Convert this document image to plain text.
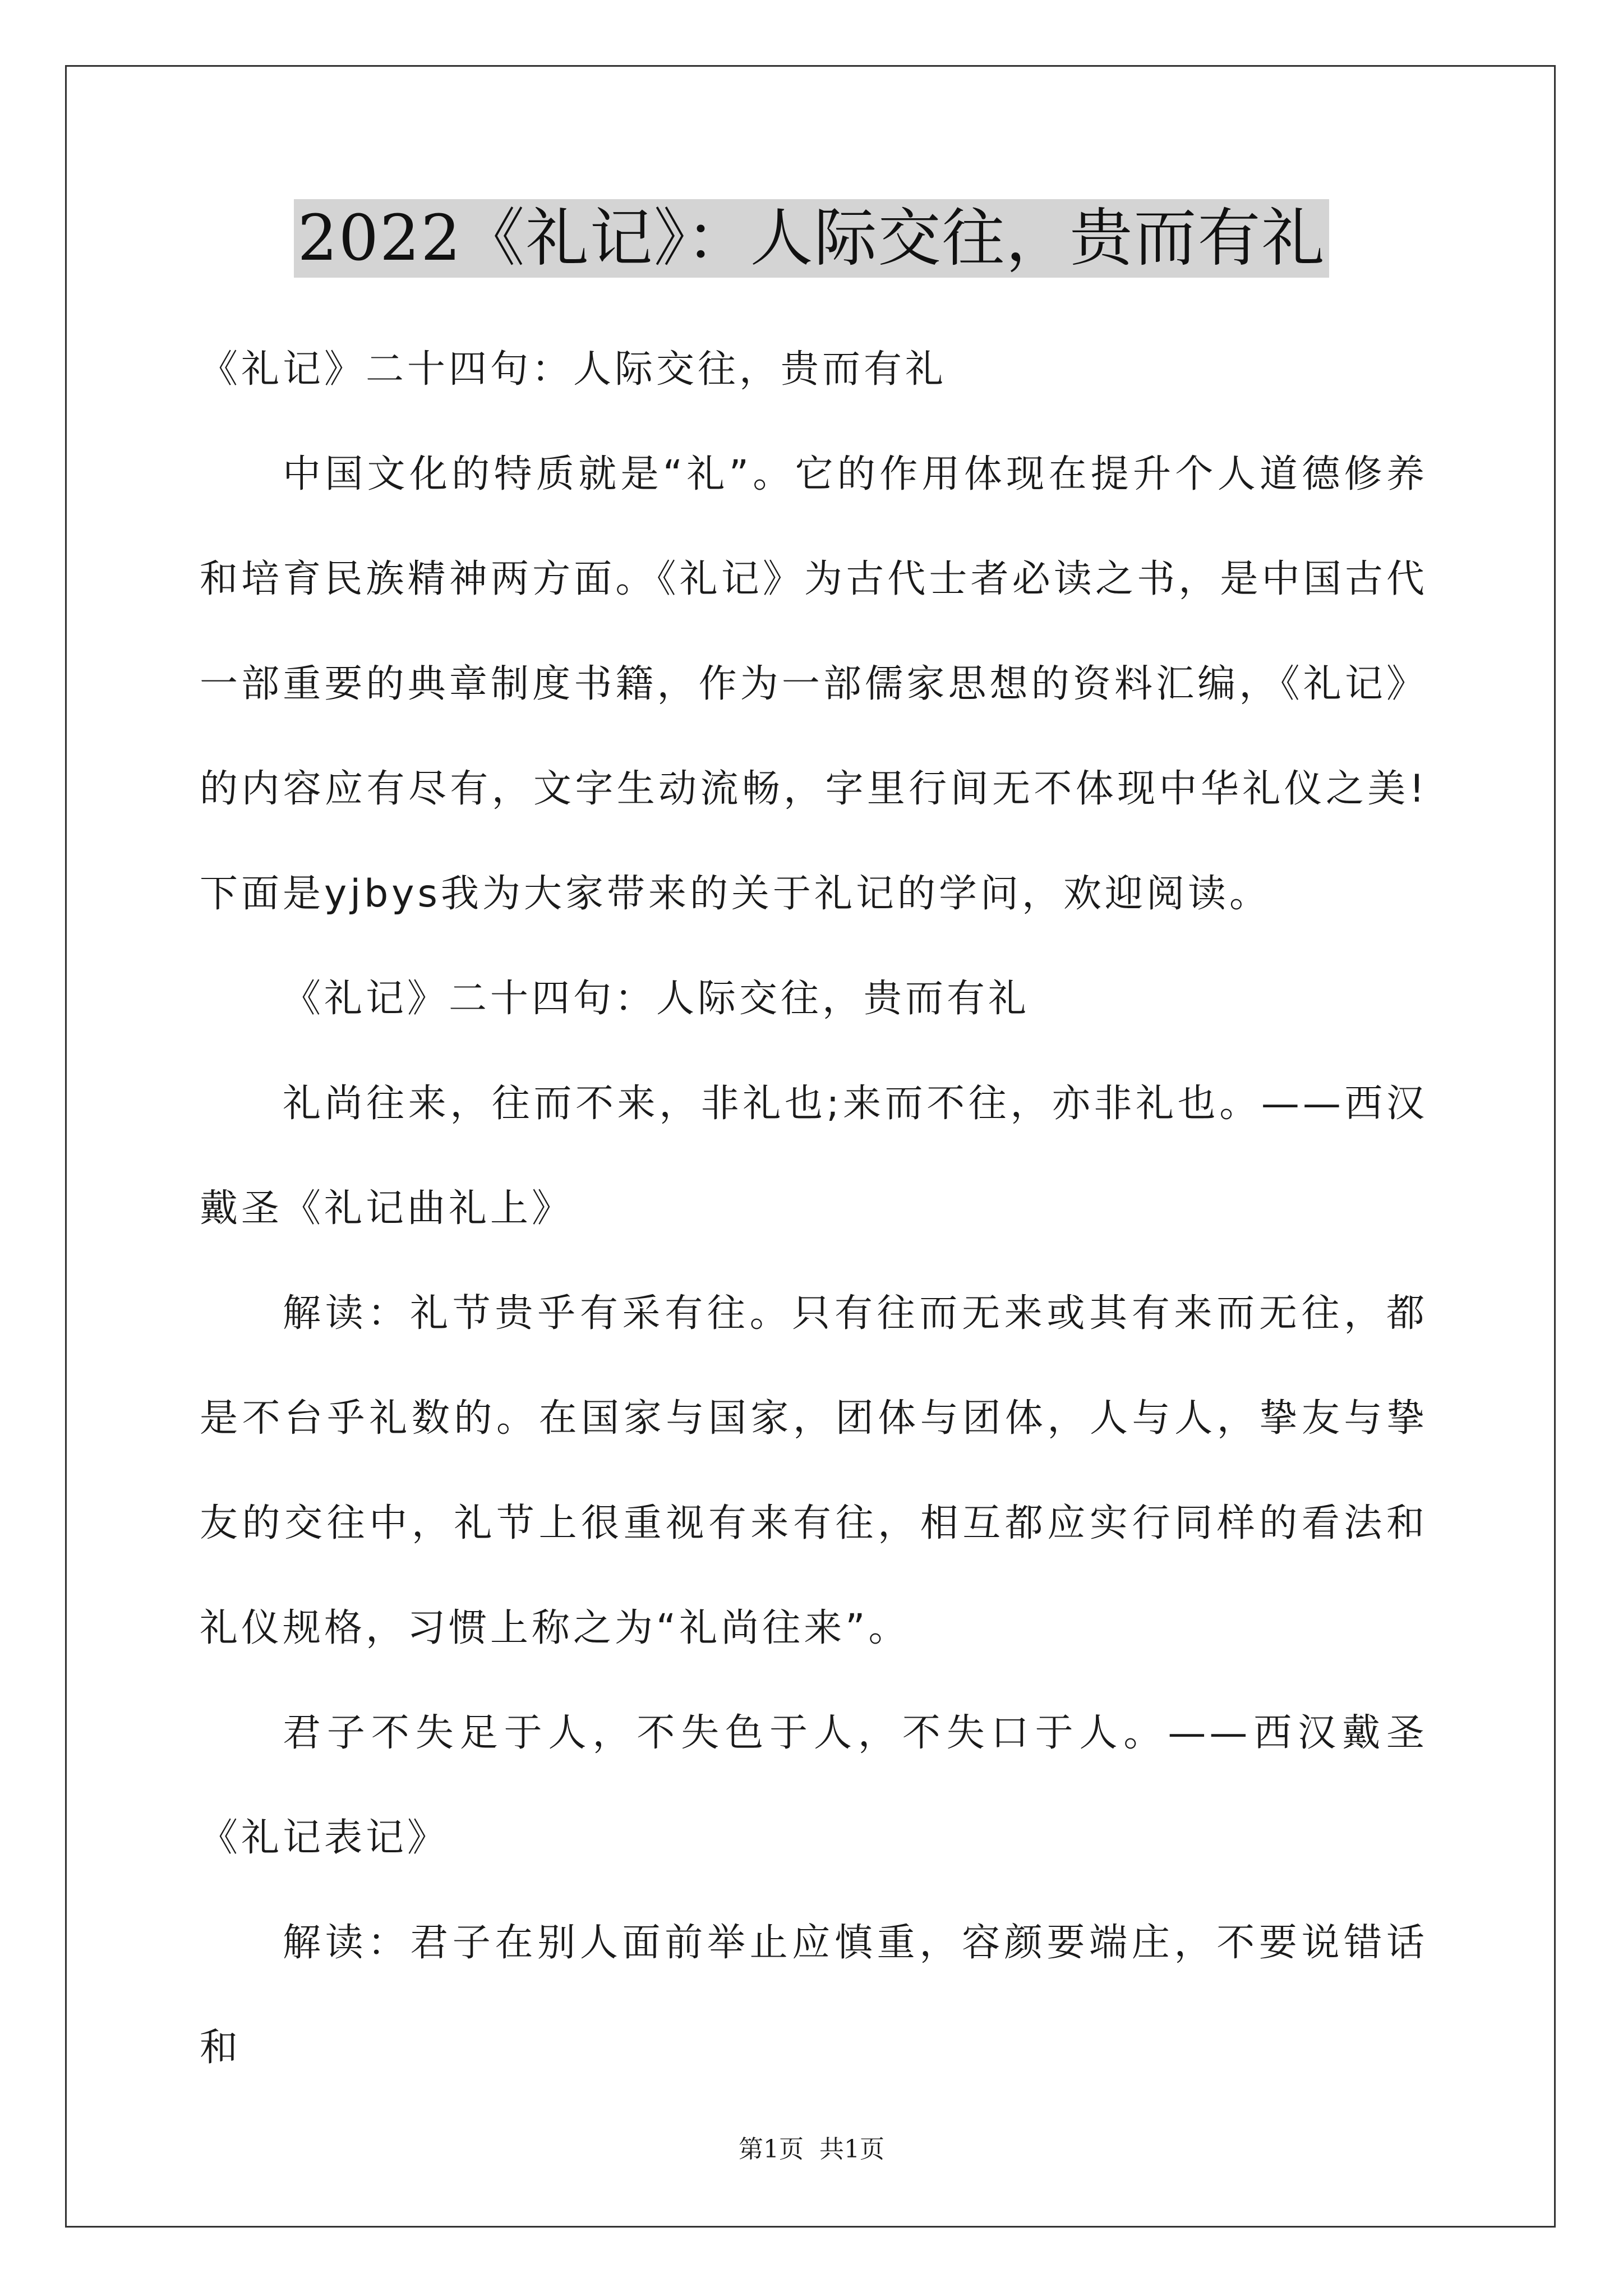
2022《礼记》：人际交往，贵而有礼

《礼记》二十四句：人际交往，贵而有礼

中国文化的特质就是“礼”。它的作用体现在提升个人道德修养和培育民族精神两方面。《礼记》为古代士者必读之书，是中国古代一部重要的典章制度书籍，作为一部儒家思想的资料汇编，《礼记》的内容应有尽有，文字生动流畅，字里行间无不体现中华礼仪之美!下面是yjbys我为大家带来的关于礼记的学问，欢迎阅读。

《礼记》二十四句：人际交往，贵而有礼

礼尚往来，往而不来，非礼也;来而不往，亦非礼也。——西汉戴圣《礼记曲礼上》

解读：礼节贵乎有采有往。只有往而无来或其有来而无往，都是不台乎礼数的。在国家与国家，团体与团体，人与人，挚友与挚友的交往中，礼节上很重视有来有往，相互都应实行同样的看法和礼仪规格，习惯上称之为“礼尚往来”。

君子不失足于人，不失色于人，不失口于人。——西汉戴圣《礼记表记》

解读：君子在别人面前举止应慎重，容颜要端庄，不要说错话和

第1页 共1页
